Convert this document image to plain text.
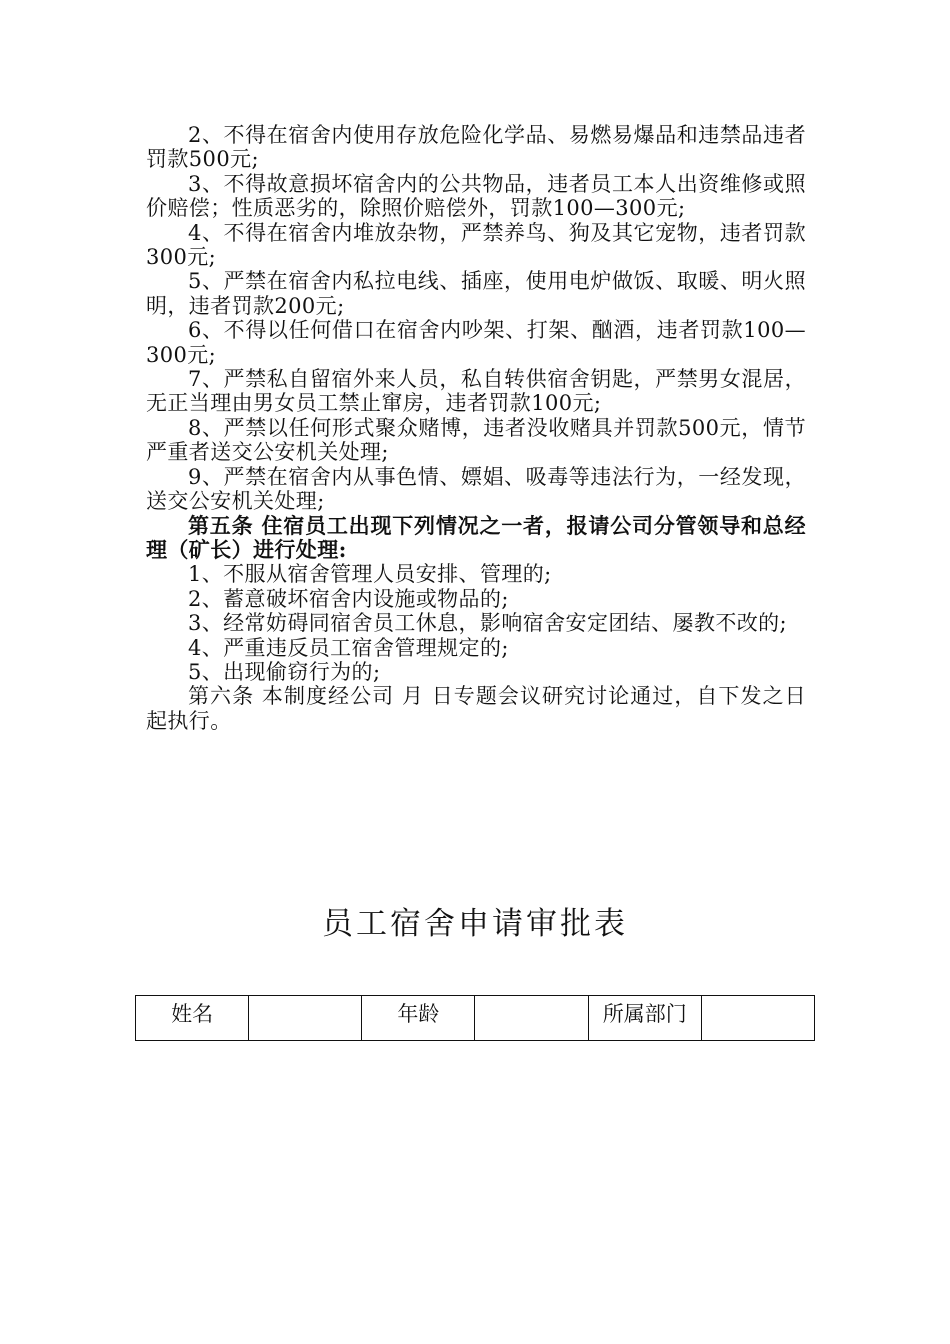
2、不得在宿舍内使用存放危险化学品、易燃易爆品和违禁品违者罚款500元;

3、不得故意损坏宿舍内的公共物品，违者员工本人出资维修或照价赔偿；性质恶劣的，除照价赔偿外，罚款100—300元;

4、不得在宿舍内堆放杂物，严禁养鸟、狗及其它宠物，违者罚款300元;

5、严禁在宿舍内私拉电线、插座，使用电炉做饭、取暖、明火照明，违者罚款200元;

6、不得以任何借口在宿舍内吵架、打架、酗酒，违者罚款100—300元;

7、严禁私自留宿外来人员，私自转供宿舍钥匙，严禁男女混居，无正当理由男女员工禁止窜房，违者罚款100元;

8、严禁以任何形式聚众赌博，违者没收赌具并罚款500元，情节严重者送交公安机关处理;

9、严禁在宿舍内从事色情、嫖娼、吸毒等违法行为，一经发现，送交公安机关处理;

第五条 住宿员工出现下列情况之一者，报请公司分管领导和总经理（矿长）进行处理:

1、不服从宿舍管理人员安排、管理的;

2、蓄意破坏宿舍内设施或物品的;

3、经常妨碍同宿舍员工休息，影响宿舍安定团结、屡教不改的;

4、严重违反员工宿舍管理规定的;

5、出现偷窃行为的;

第六条 本制度经公司 月 日专题会议研究讨论通过，自下发之日起执行。

员工宿舍申请审批表
姓名		年龄		所属部门	
